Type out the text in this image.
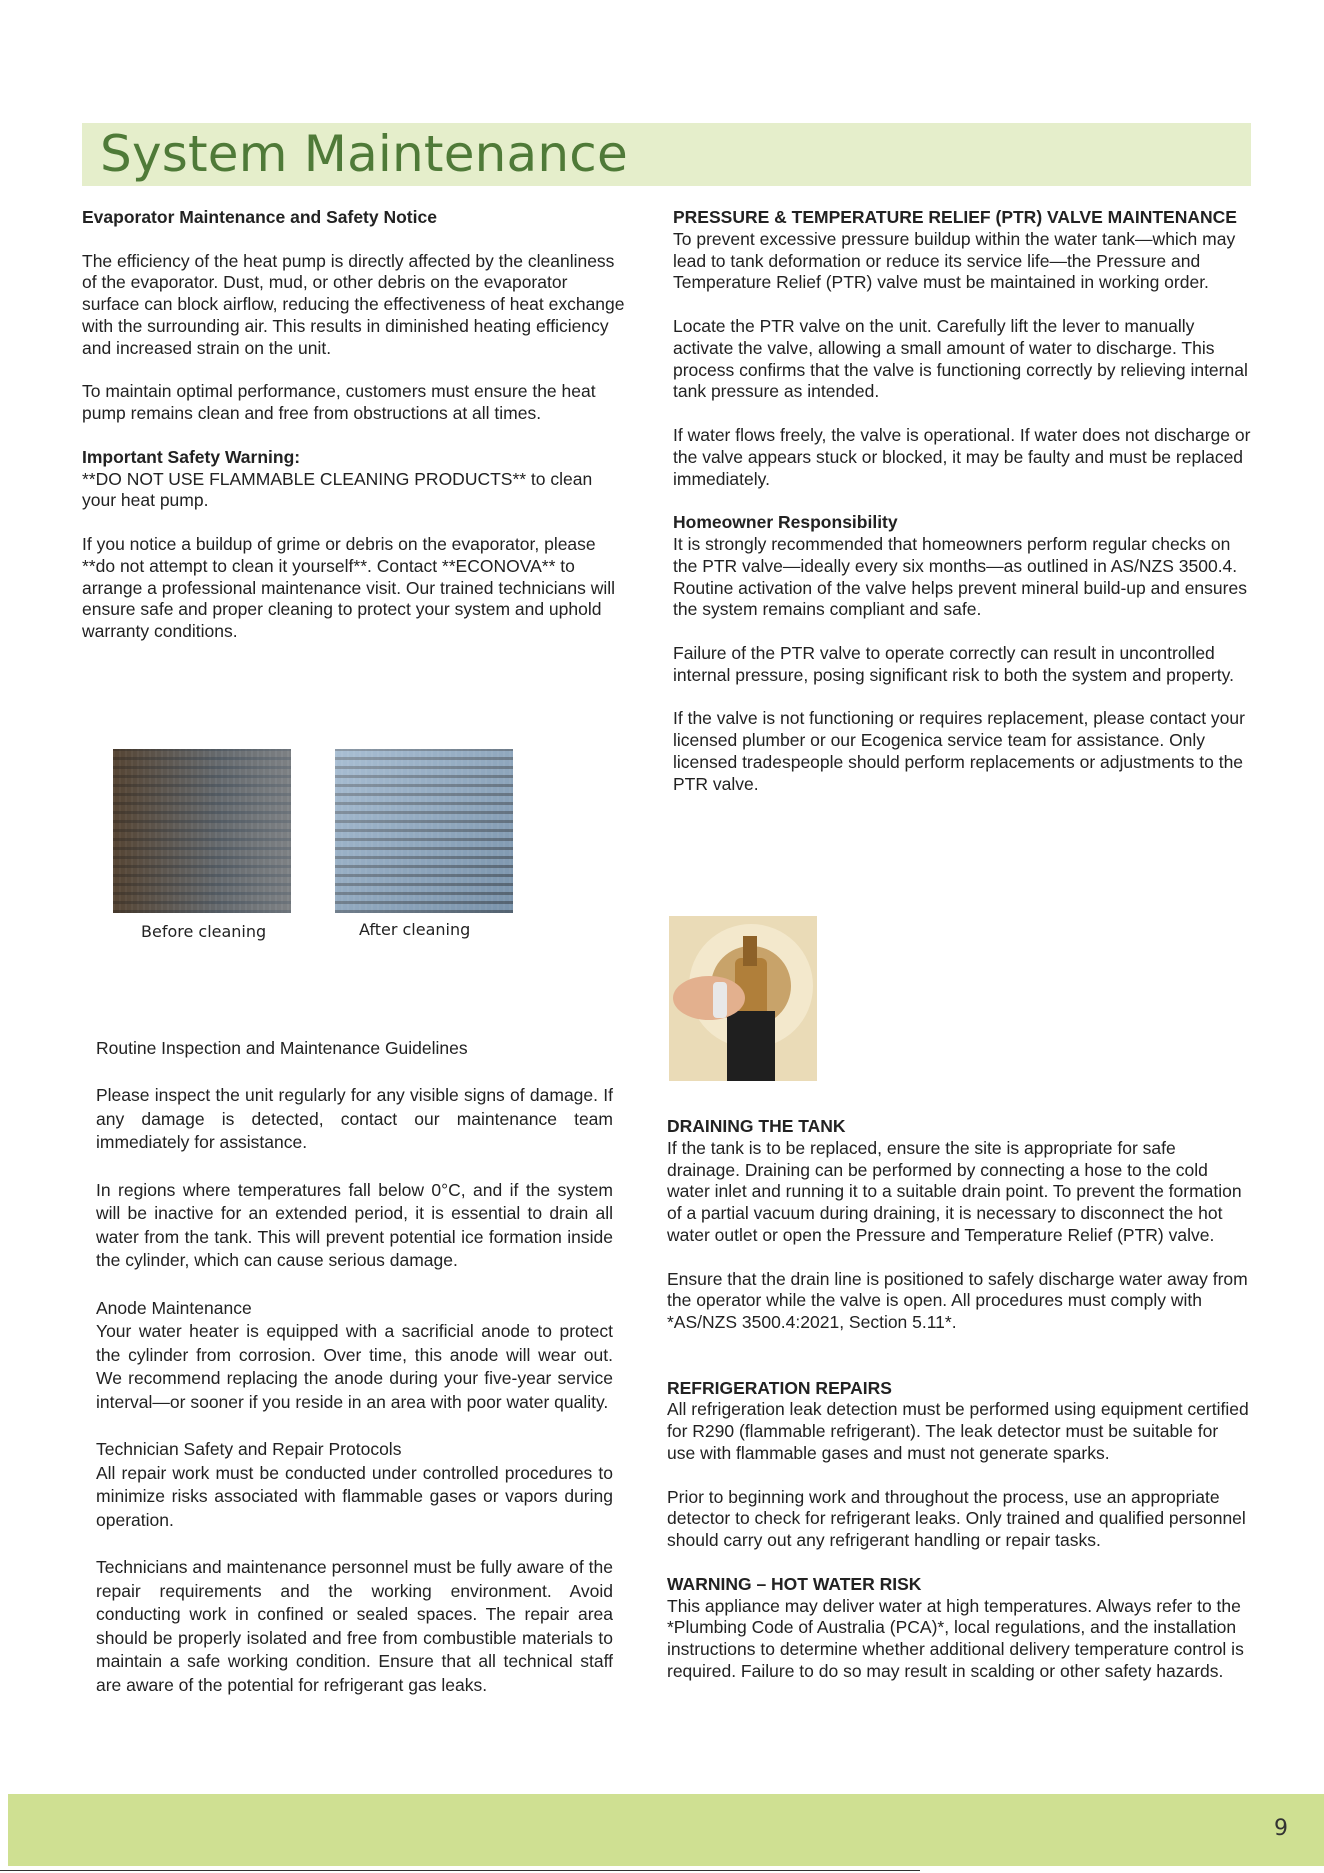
System Maintenance

Evaporator Maintenance and Safety Notice

The efficiency of the heat pump is directly affected by the cleanliness of the evaporator. Dust, mud, or other debris on the evaporator surface can block airflow, reducing the effectiveness of heat exchange with the surrounding air. This results in diminished heating efficiency and increased strain on the unit.

To maintain optimal performance, customers must ensure the heat pump remains clean and free from obstructions at all times.

Important Safety Warning:

**DO NOT USE FLAMMABLE CLEANING PRODUCTS** to clean your heat pump.

If you notice a buildup of grime or debris on the evaporator, please **do not attempt to clean it yourself**. Contact **ECONOVA** to arrange a professional maintenance visit. Our trained technicians will ensure safe and proper cleaning to protect your system and uphold warranty conditions.

Before cleaning	After cleaning

Routine Inspection and Maintenance Guidelines

Please inspect the unit regularly for any visible signs of damage. If any damage is detected, contact our maintenance team immediately for assistance.

In regions where temperatures fall below 0°C, and if the system will be inactive for an extended period, it is essential to drain all water from the tank. This will prevent potential ice formation inside the cylinder, which can cause serious damage.

Anode Maintenance

Your water heater is equipped with a sacrificial anode to protect the cylinder from corrosion. Over time, this anode will wear out. We recommend replacing the anode during your five-year service interval—or sooner if you reside in an area with poor water quality.

Technician Safety and Repair Protocols

All repair work must be conducted under controlled procedures to minimize risks associated with flammable gases or vapors during operation.

Technicians and maintenance personnel must be fully aware of the repair requirements and the working environment. Avoid conducting work in confined or sealed spaces. The repair area should be properly isolated and free from combustible materials to maintain a safe working condition. Ensure that all technical staff are aware of the potential for refrigerant gas leaks.

PRESSURE & TEMPERATURE RELIEF (PTR) VALVE MAINTENANCE

To prevent excessive pressure buildup within the water tank—which may lead to tank deformation or reduce its service life—the Pressure and Temperature Relief (PTR) valve must be maintained in working order.

Locate the PTR valve on the unit. Carefully lift the lever to manually activate the valve, allowing a small amount of water to discharge. This process confirms that the valve is functioning correctly by relieving internal tank pressure as intended.

If water flows freely, the valve is operational. If water does not discharge or the valve appears stuck or blocked, it may be faulty and must be replaced immediately.

Homeowner Responsibility

It is strongly recommended that homeowners perform regular checks on the PTR valve—ideally every six months—as outlined in AS/NZS 3500.4. Routine activation of the valve helps prevent mineral build-up and ensures the system remains compliant and safe.

Failure of the PTR valve to operate correctly can result in uncontrolled internal pressure, posing significant risk to both the system and property.

If the valve is not functioning or requires replacement, please contact your licensed plumber or our Ecogenica service team for assistance. Only licensed tradespeople should perform replacements or adjustments to the PTR valve.

DRAINING THE TANK

If the tank is to be replaced, ensure the site is appropriate for safe drainage. Draining can be performed by connecting a hose to the cold water inlet and running it to a suitable drain point. To prevent the formation of a partial vacuum during draining, it is necessary to disconnect the hot water outlet or open the Pressure and Temperature Relief (PTR) valve.

Ensure that the drain line is positioned to safely discharge water away from the operator while the valve is open. All procedures must comply with *AS/NZS 3500.4:2021, Section 5.11*.

REFRIGERATION REPAIRS

All refrigeration leak detection must be performed using equipment certified for R290 (flammable refrigerant). The leak detector must be suitable for use with flammable gases and must not generate sparks.

Prior to beginning work and throughout the process, use an appropriate detector to check for refrigerant leaks. Only trained and qualified personnel should carry out any refrigerant handling or repair tasks.

WARNING – HOT WATER RISK

This appliance may deliver water at high temperatures. Always refer to the *Plumbing Code of Australia (PCA)*, local regulations, and the installation instructions to determine whether additional delivery temperature control is required. Failure to do so may result in scalding or other safety hazards.

9
